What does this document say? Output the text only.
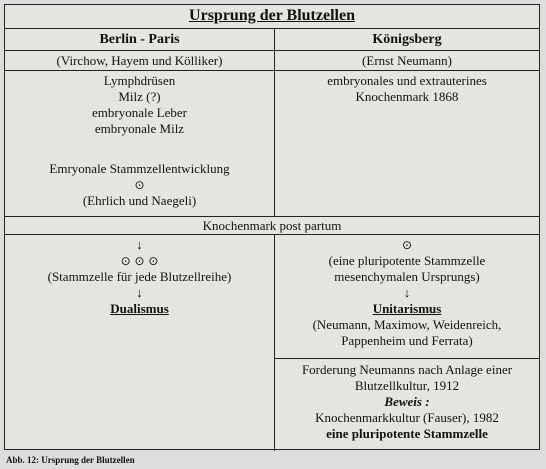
Ursprung der Blutzellen
Berlin - Paris	Königsberg
(Virchow, Hayem und Kölliker)	(Ernst Neumann)
Lymphdrüsen
Milz (?)
embryonale Leber
embryonale Milz
Emryonale Stammzellentwicklung
⊙
(Ehrlich und Naegeli)
embryonales und extrauterines
Knochenmark 1868
Knochenmark post partum
↓
⊙ ⊙ ⊙
(Stammzelle für jede Blutzellreihe)
↓
Dualismus
⊙
(eine pluripotente Stammzelle
mesenchymalen Ursprungs)
↓
Unitarismus
(Neumann, Maximow, Weidenreich,
Pappenheim und Ferrata)
Forderung Neumanns nach Anlage einer
Blutzellkultur, 1912
Beweis :
Knochenmarkkultur (Fauser), 1982
eine pluripotente Stammzelle
Abb. 12: Ursprung der Blutzellen
